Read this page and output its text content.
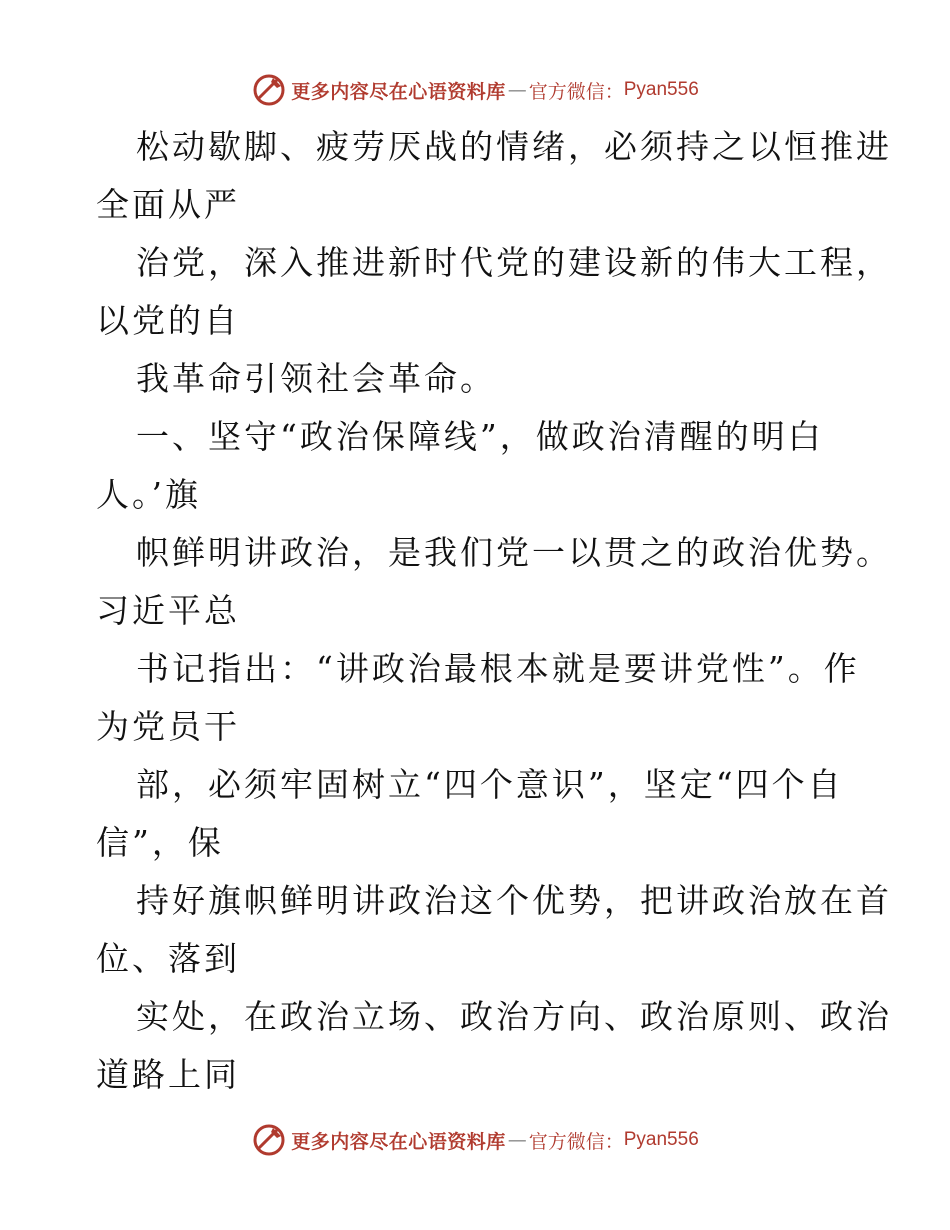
更多内容尽在心语资料库 — 官方微信： Pyan556
松动歇脚、疲劳厌战的情绪，必须持之以恒推进
全面从严
治党，深入推进新时代党的建设新的伟大工程，
以党的自
我革命引领社会革命。
一、坚守“政治保障线”，做政治清醒的明白
人。’旗
帜鲜明讲政治，是我们党一以贯之的政治优势。
习近平总
书记指出：“讲政治最根本就是要讲党性”。作
为党员干
部，必须牢固树立“四个意识”，坚定“四个自
信”，保
持好旗帜鲜明讲政治这个优势，把讲政治放在首
位、落到
实处，在政治立场、政治方向、政治原则、政治
道路上同
更多内容尽在心语资料库 — 官方微信： Pyan556
